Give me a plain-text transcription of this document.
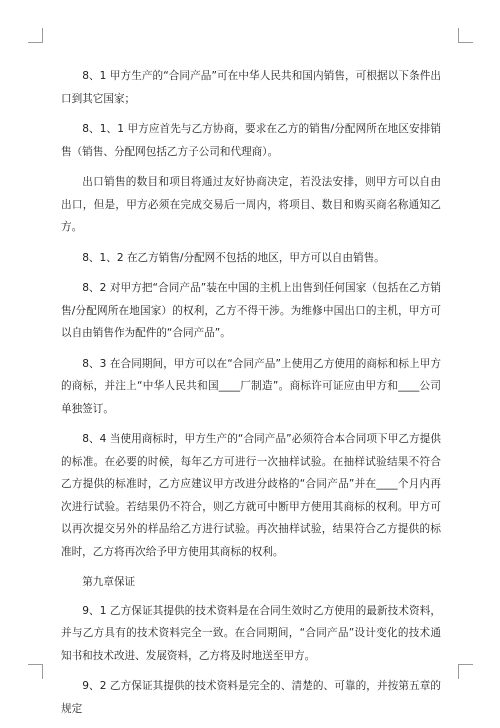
8、1 甲方生产的“合同产品”可在中华人民共和国内销售，可根据以下条件出口到其它国家；

8、1、1 甲方应首先与乙方协商，要求在乙方的销售/分配网所在地区安排销售（销售、分配网包括乙方子公司和代理商）。

出口销售的数目和项目将通过友好协商决定，若没法安排，则甲方可以自由出口，但是，甲方必须在完成交易后一周内，将项目、数目和购买商名称通知乙方。

8、1、2 在乙方销售/分配网不包括的地区，甲方可以自由销售。

8、2 对甲方把“合同产品”装在中国的主机上出售到任何国家（包括在乙方销售/分配网所在地国家）的权利，乙方不得干涉。为维修中国出口的主机，甲方可以自由销售作为配件的“合同产品”。

8、3 在合同期间，甲方可以在“合同产品”上使用乙方使用的商标和标上甲方的商标，并注上“中华人民共和国____厂制造”。商标许可证应由甲方和____公司单独签订。

8、4 当使用商标时，甲方生产的“合同产品”必须符合本合同项下甲乙方提供的标准。在必要的时候，每年乙方可进行一次抽样试验。在抽样试验结果不符合乙方提供的标准时，乙方应建议甲方改进分歧格的“合同产品”并在____个月内再次进行试验。若结果仍不符合，则乙方就可中断甲方使用其商标的权利。甲方可以再次提交另外的样品给乙方进行试验。再次抽样试验，结果符合乙方提供的标准时，乙方将再次给予甲方使用其商标的权利。

第九章保证

9、1 乙方保证其提供的技术资料是在合同生效时乙方使用的最新技术资料，并与乙方具有的技术资料完全一致。在合同期间，“合同产品”设计变化的技术通知书和技术改进、发展资料，乙方将及时地送至甲方。

9、2 乙方保证其提供的技术资料是完全的、清楚的、可靠的，并按第五章的规定
